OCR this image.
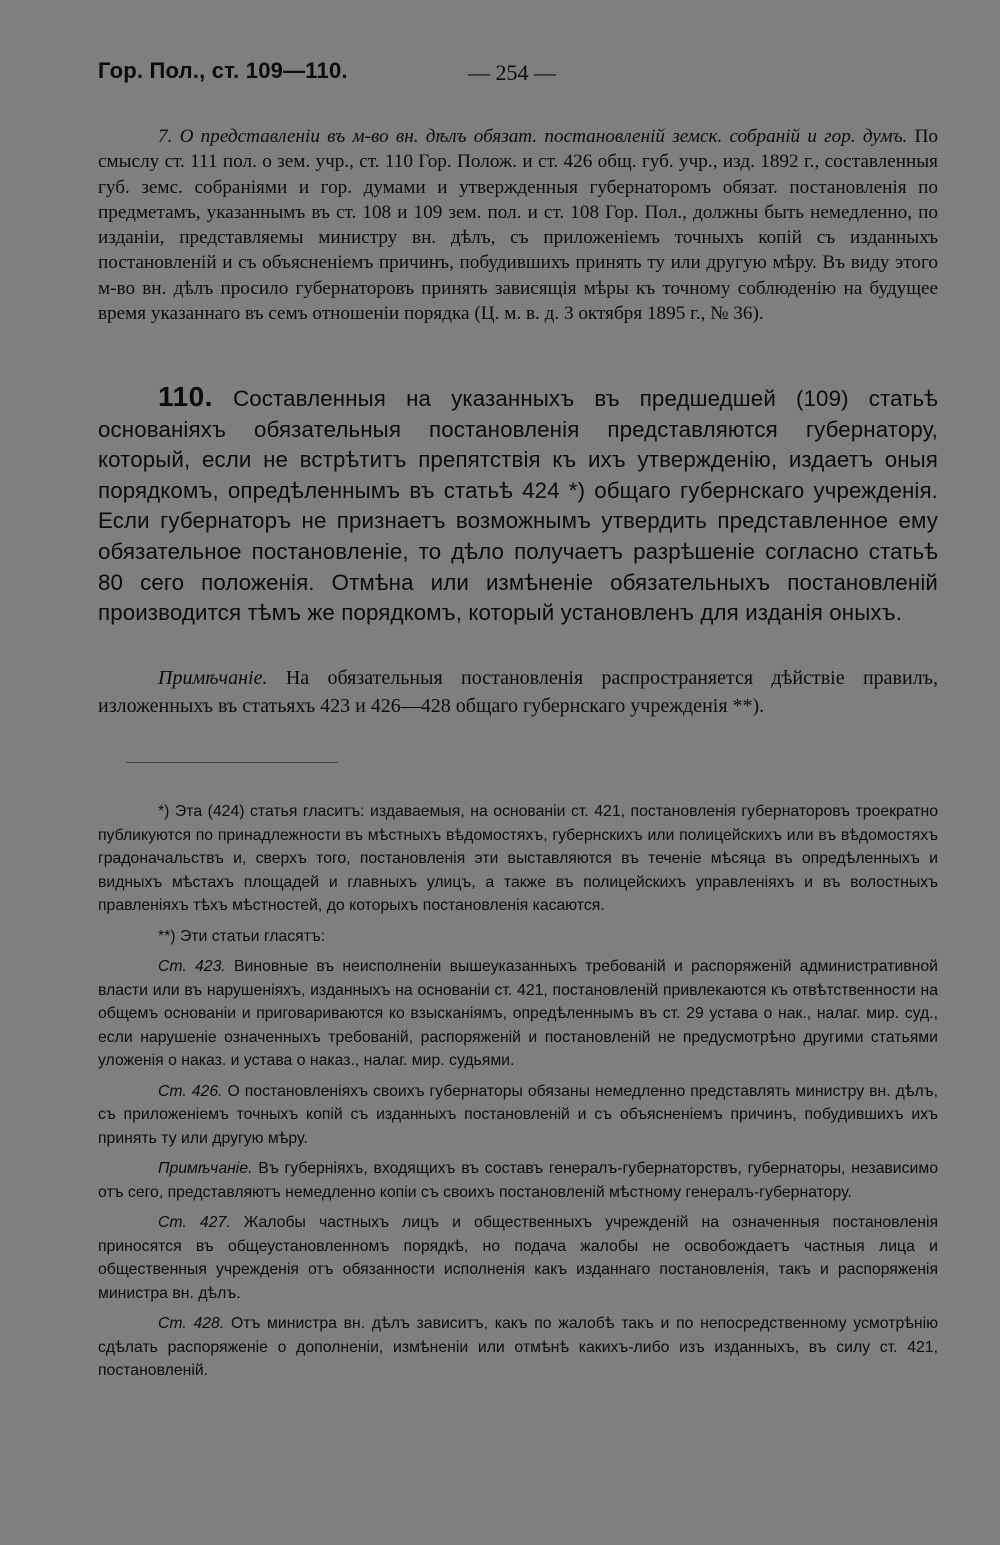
Гор. Пол., ст. 109—110.	— 254 —

7. О представленіи въ м-во вн. дѣлъ обязат. постановленій земск. собраній и гор. думъ. По смыслу ст. 111 пол. о зем. учр., ст. 110 Гор. Полож. и ст. 426 общ. губ. учр., изд. 1892 г., составленныя губ. земс. собраніями и гор. думами и утвержденныя губернаторомъ обязат. постановленія по предметамъ, указаннымъ въ ст. 108 и 109 зем. пол. и ст. 108 Гор. Пол., должны быть немедленно, по изданіи, представляемы министру вн. дѣлъ, съ приложеніемъ точныхъ копій съ изданныхъ постановленій и съ объясненіемъ причинъ, побудившихъ принять ту или другую мѣру. Въ виду этого м-во вн. дѣлъ просило губернаторовъ принять зависящія мѣры къ точному соблюденію на будущее время указаннаго въ семъ отношеніи порядка (Ц. м. в. д. 3 октября 1895 г., № 36).

110. Составленныя на указанныхъ въ предшедшей (109) статьѣ основаніяхъ обязательныя постановленія представляются губернатору, который, если не встрѣтитъ препятствія къ ихъ утвержденію, издаетъ оныя порядкомъ, опредѣленнымъ въ статьѣ 424 *) общаго губернскаго учрежденія. Если губернаторъ не признаетъ возможнымъ утвердить представленное ему обязательное постановленіе, то дѣло получаетъ разрѣшеніе согласно статьѣ 80 сего положенія. Отмѣна или измѣненіе обязательныхъ постановленій производится тѣмъ же порядкомъ, который установленъ для изданія оныхъ.

Примѣчаніе. На обязательныя постановленія распространяется дѣйствіе правилъ, изложенныхъ въ статьяхъ 423 и 426—428 общаго губернскаго учрежденія **).

*) Эта (424) статья гласитъ: издаваемыя, на основаніи ст. 421, постановленія губернаторовъ троекратно публикуются по принадлежности въ мѣстныхъ вѣдомостяхъ, губернскихъ или полицейскихъ или въ вѣдомостяхъ градоначальствъ и, сверхъ того, постановленія эти выставляются въ теченіе мѣсяца въ опредѣленныхъ и видныхъ мѣстахъ площадей и главныхъ улицъ, а также въ полицейскихъ управленіяхъ и въ волостныхъ правленіяхъ тѣхъ мѣстностей, до которыхъ постановленія касаются.

**) Эти статьи гласятъ:

Ст. 423. Виновные въ неисполненіи вышеуказанныхъ требованій и распоряженій административной власти или въ нарушеніяхъ, изданныхъ на основаніи ст. 421, постановленій привлекаются къ отвѣтственности на общемъ основаніи и приговариваются ко взысканіямъ, опредѣленнымъ въ ст. 29 устава о нак., налаг. мир. суд., если нарушеніе означенныхъ требованій, распоряженій и постановленій не предусмотрѣно другими статьями уложенія о наказ. и устава о наказ., налаг. мир. судьями.

Ст. 426. О постановленіяхъ своихъ губернаторы обязаны немедленно представлять министру вн. дѣлъ, съ приложеніемъ точныхъ копій съ изданныхъ постановленій и съ объясненіемъ причинъ, побудившихъ ихъ принять ту или другую мѣру.

Примѣчаніе. Въ губерніяхъ, входящихъ въ составъ генералъ-губернаторствъ, губернаторы, независимо отъ сего, представляютъ немедленно копіи съ своихъ постановленій мѣстному генералъ-губернатору.

Ст. 427. Жалобы частныхъ лицъ и общественныхъ учрежденій на означенныя постановленія приносятся въ общеустановленномъ порядкѣ, но подача жалобы не освобождаетъ частныя лица и общественныя учрежденія отъ обязанности исполненія какъ изданнаго постановленія, такъ и распоряженія министра вн. дѣлъ.

Ст. 428. Отъ министра вн. дѣлъ зависитъ, какъ по жалобѣ такъ и по непосредственному усмотрѣнію сдѣлать распоряженіе о дополненіи, измѣненіи или отмѣнѣ какихъ-либо изъ изданныхъ, въ силу ст. 421, постановленій.
